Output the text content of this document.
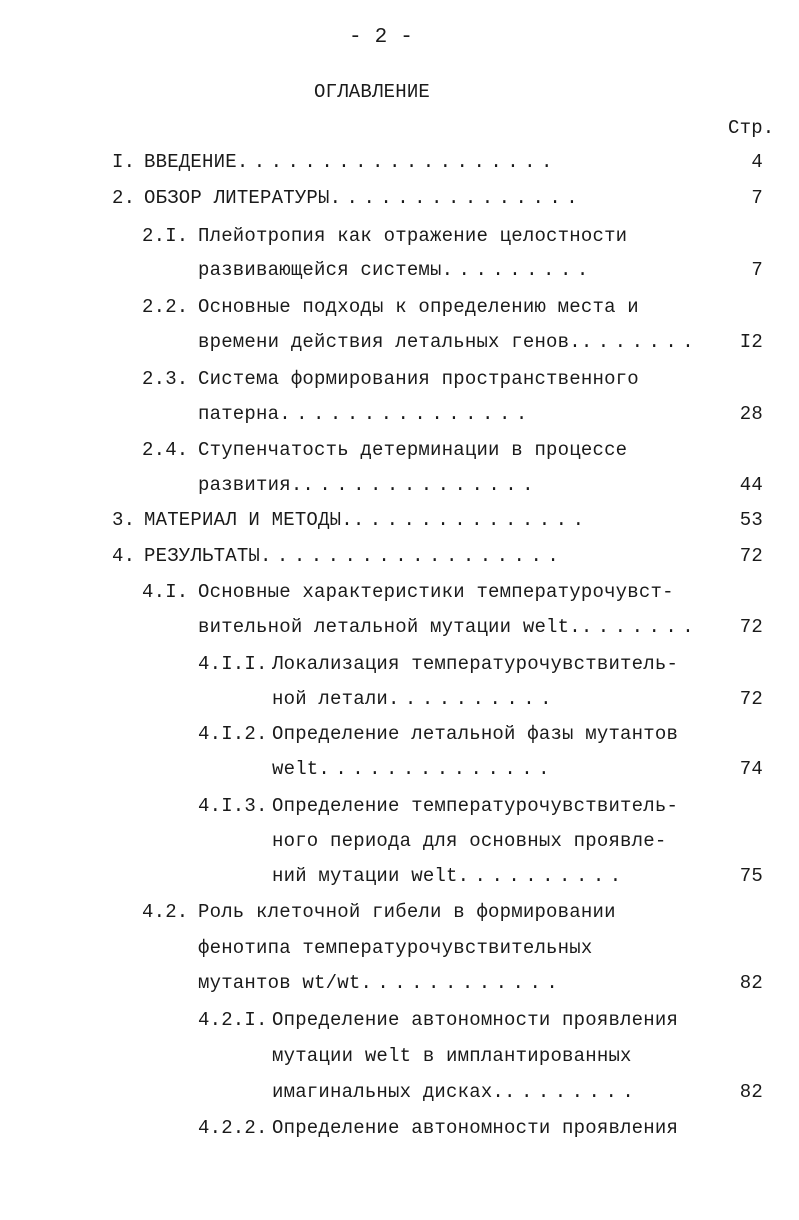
- 2 -
ОГЛАВЛЕНИЕ
Стр.
I. ВВЕДЕНИЕ...................	4
2. ОБЗОР ЛИТЕРАТУРЫ...............	7
2.I. Плейотропия как отражение целостности
развивающейся системы.........	7
2.2. Основные подходы к определению места и
времени действия летальных генов........ I2
2.3. Система формирования пространственного
патерна...............	28
2.4. Ступенчатость детерминации в процессе
развития...............	44
3. МАТЕРИАЛ И МЕТОДЫ...............	53
4. РЕЗУЛЬТАТЫ..................	72
4.I. Основные характеристики температурочувст-
вительной летальной мутации welt........ 72
4.I.I. Локализация температурочувствитель-
ной летали..........	72
4.I.2. Определение летальной фазы мутантов
welt..............	74
4.I.3. Определение температурочувствитель-
ного периода для основных проявле-
ний мутации welt..........	75
4.2. Роль клеточной гибели в формировании
фенотипа температурочувствительных
мутантов wt/wt............	82
4.2.I. Определение автономности проявления
мутации welt в имплантированных
имагинальных дисках.........	82
4.2.2. Определение автономности проявления
